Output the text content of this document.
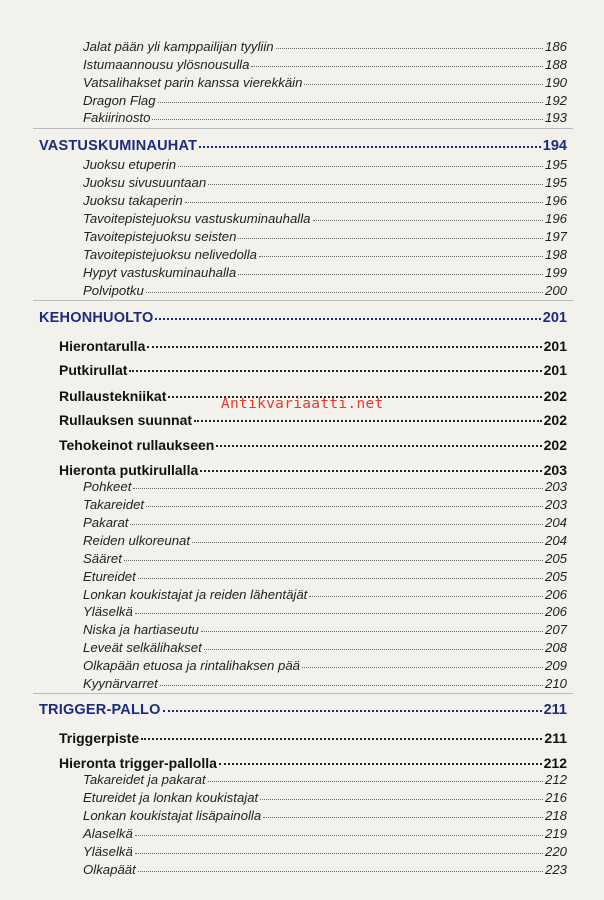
Jalat pään yli kamppailijan tyyliin	186
Istumaannousu ylösnousulla	188
Vatsalihakset parin kanssa vierekkäin	190
Dragon Flag	192
Fakiirinosto	193
VASTUSKUMINAUHAT	194
Juoksu etuperin	195
Juoksu sivusuuntaan	195
Juoksu takaperin	196
Tavoitepistejuoksu vastuskuminauhalla	196
Tavoitepistejuoksu seisten	197
Tavoitepistejuoksu nelivedolla	198
Hypyt vastuskuminauhalla	199
Polvipotku	200
KEHONHUOLTO	201
Hierontarulla	201
Putkirullat	201
Rullaustekniikat	202
Rullauksen suunnat	202
Tehokeinot rullaukseen	202
Hieronta putkirullalla	203
Pohkeet	203
Takareidet	203
Pakarat	204
Reiden ulkoreunat	204
Sääret	205
Etureidet	205
Lonkan koukistajat ja reiden lähentäjät	206
Yläselkä	206
Niska ja hartiaseutu	207
Leveät selkälihakset	208
Olkapään etuosa ja rintalihaksen pää	209
Kyynärvarret	210
TRIGGER-PALLO	211
Triggerpiste	211
Hieronta trigger-pallolla	212
Takareidet ja pakarat	212
Etureidet ja lonkan koukistajat	216
Lonkan koukistajat lisäpainolla	218
Alaselkä	219
Yläselkä	220
Olkapäät	223
Antikvariaatti.net
